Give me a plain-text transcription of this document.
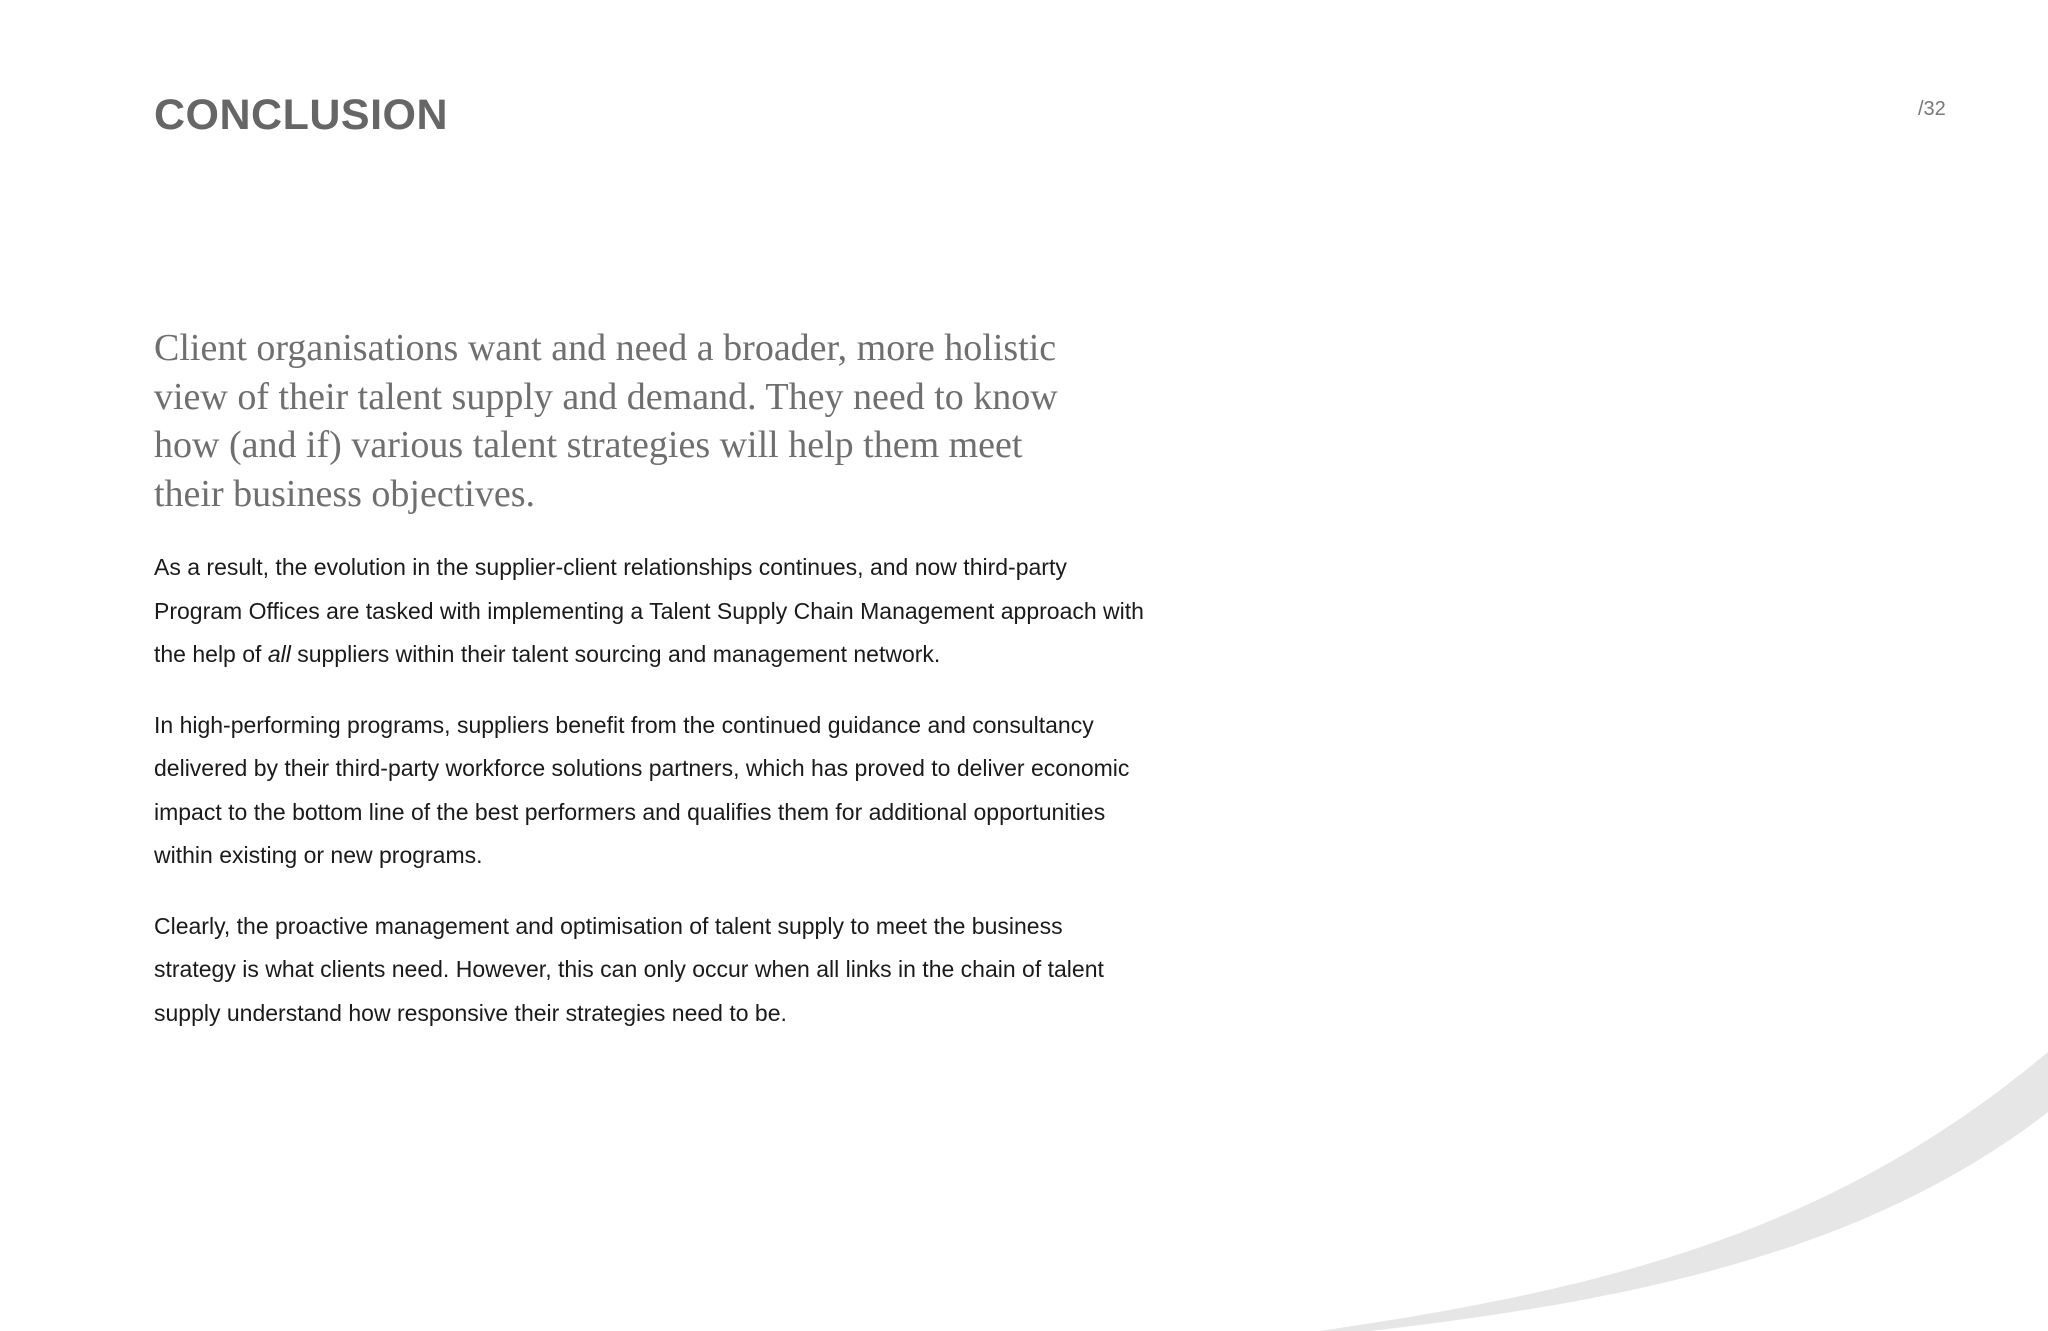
CONCLUSION	/32

Client organisations want and need a broader, more holistic
view of their talent supply and demand. They need to know
how (and if) various talent strategies will help them meet
their business objectives.

As a result, the evolution in the supplier-client relationships continues, and now third-party
Program Offices are tasked with implementing a Talent Supply Chain Management approach with
the help of all suppliers within their talent sourcing and management network.

In high-performing programs, suppliers benefit from the continued guidance and consultancy
delivered by their third-party workforce solutions partners, which has proved to deliver economic
impact to the bottom line of the best performers and qualifies them for additional opportunities
within existing or new programs.

Clearly, the proactive management and optimisation of talent supply to meet the business
strategy is what clients need. However, this can only occur when all links in the chain of talent
supply understand how responsive their strategies need to be.
